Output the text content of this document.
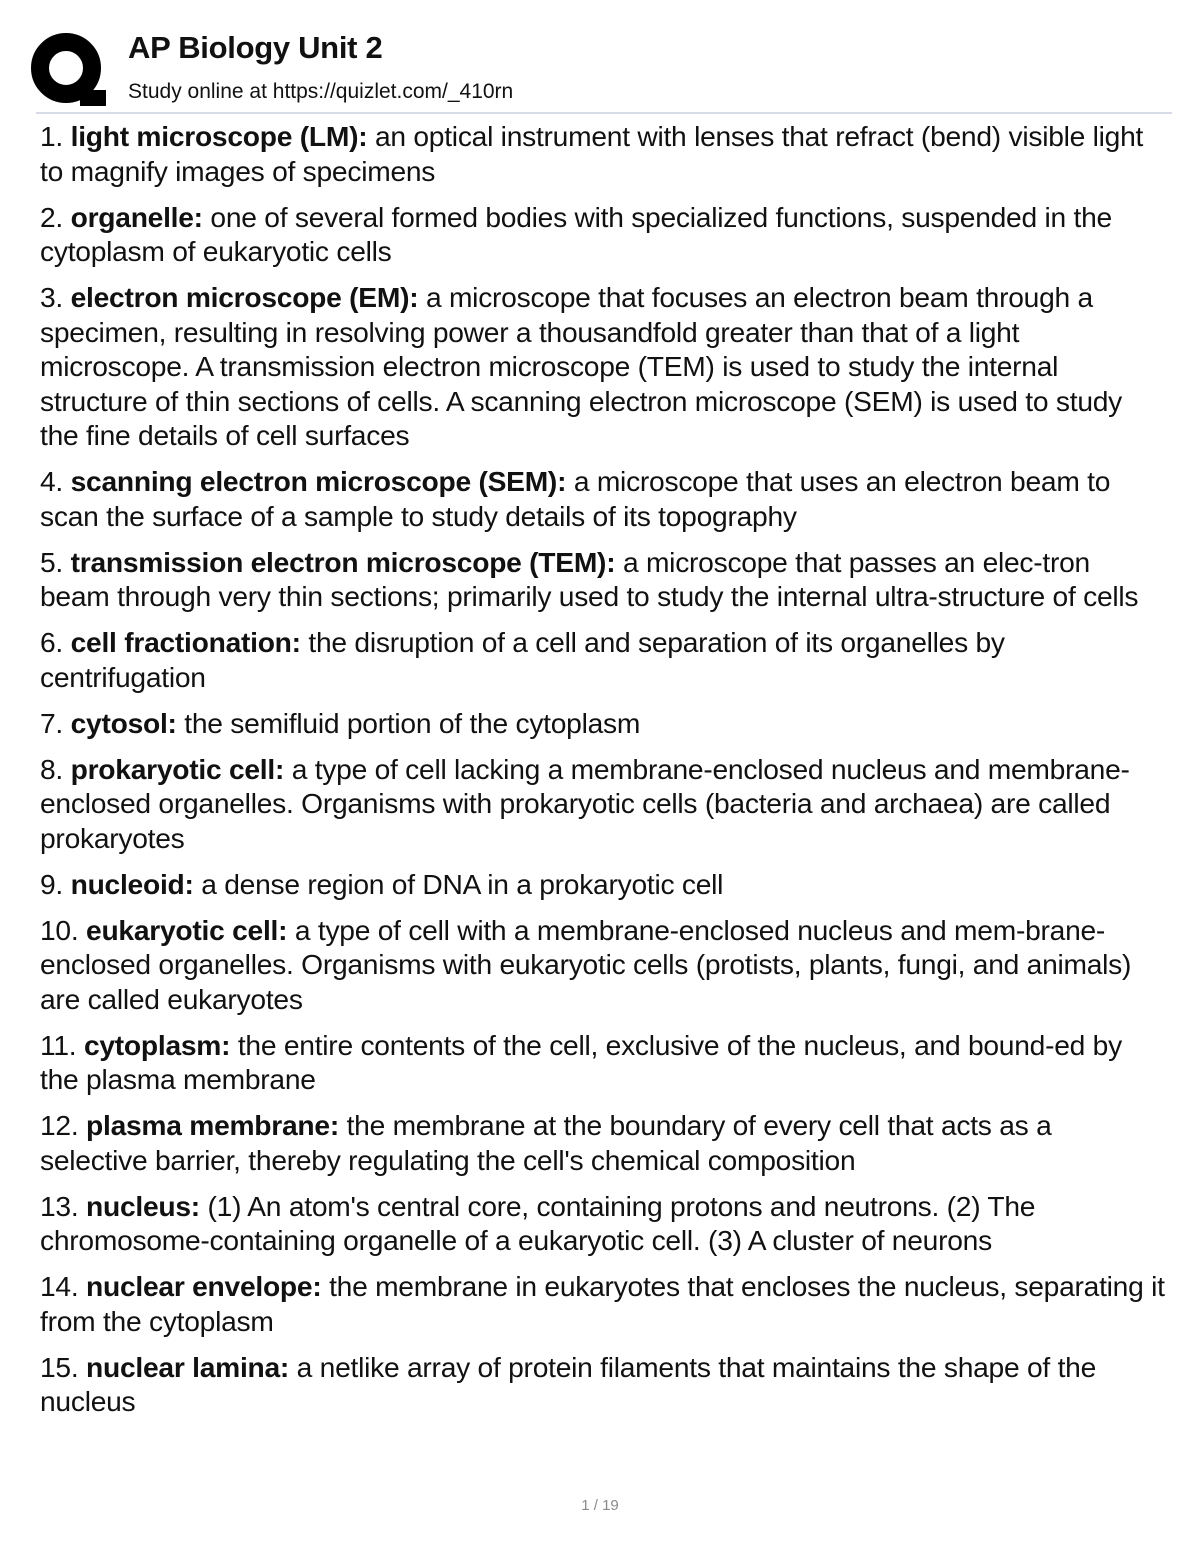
AP Biology Unit 2
Study online at https://quizlet.com/_410rn

1. light microscope (LM): an optical instrument with lenses that refract (bend) visible light to magnify images of specimens

2. organelle: one of several formed bodies with specialized functions, suspended in the cytoplasm of eukaryotic cells

3. electron microscope (EM): a microscope that focuses an electron beam through a specimen, resulting in resolving power a thousandfold greater than that of a light microscope. A transmission electron microscope (TEM) is used to study the internal structure of thin sections of cells. A scanning electron microscope (SEM) is used to study the fine details of cell surfaces

4. scanning electron microscope (SEM): a microscope that uses an electron beam to scan the surface of a sample to study details of its topography

5. transmission electron microscope (TEM): a microscope that passes an elec-tron beam through very thin sections; primarily used to study the internal ultra-structure of cells

6. cell fractionation: the disruption of a cell and separation of its organelles by centrifugation

7. cytosol: the semifluid portion of the cytoplasm

8. prokaryotic cell: a type of cell lacking a membrane-enclosed nucleus and membrane-enclosed organelles. Organisms with prokaryotic cells (bacteria and archaea) are called prokaryotes

9. nucleoid: a dense region of DNA in a prokaryotic cell

10. eukaryotic cell: a type of cell with a membrane-enclosed nucleus and mem-brane-enclosed organelles. Organisms with eukaryotic cells (protists, plants, fungi, and animals) are called eukaryotes

11. cytoplasm: the entire contents of the cell, exclusive of the nucleus, and bound-ed by the plasma membrane

12. plasma membrane: the membrane at the boundary of every cell that acts as a selective barrier, thereby regulating the cell's chemical composition

13. nucleus: (1) An atom's central core, containing protons and neutrons. (2) The chromosome-containing organelle of a eukaryotic cell. (3) A cluster of neurons

14. nuclear envelope: the membrane in eukaryotes that encloses the nucleus, separating it from the cytoplasm

15. nuclear lamina: a netlike array of protein filaments that maintains the shape of the nucleus

1 / 19
